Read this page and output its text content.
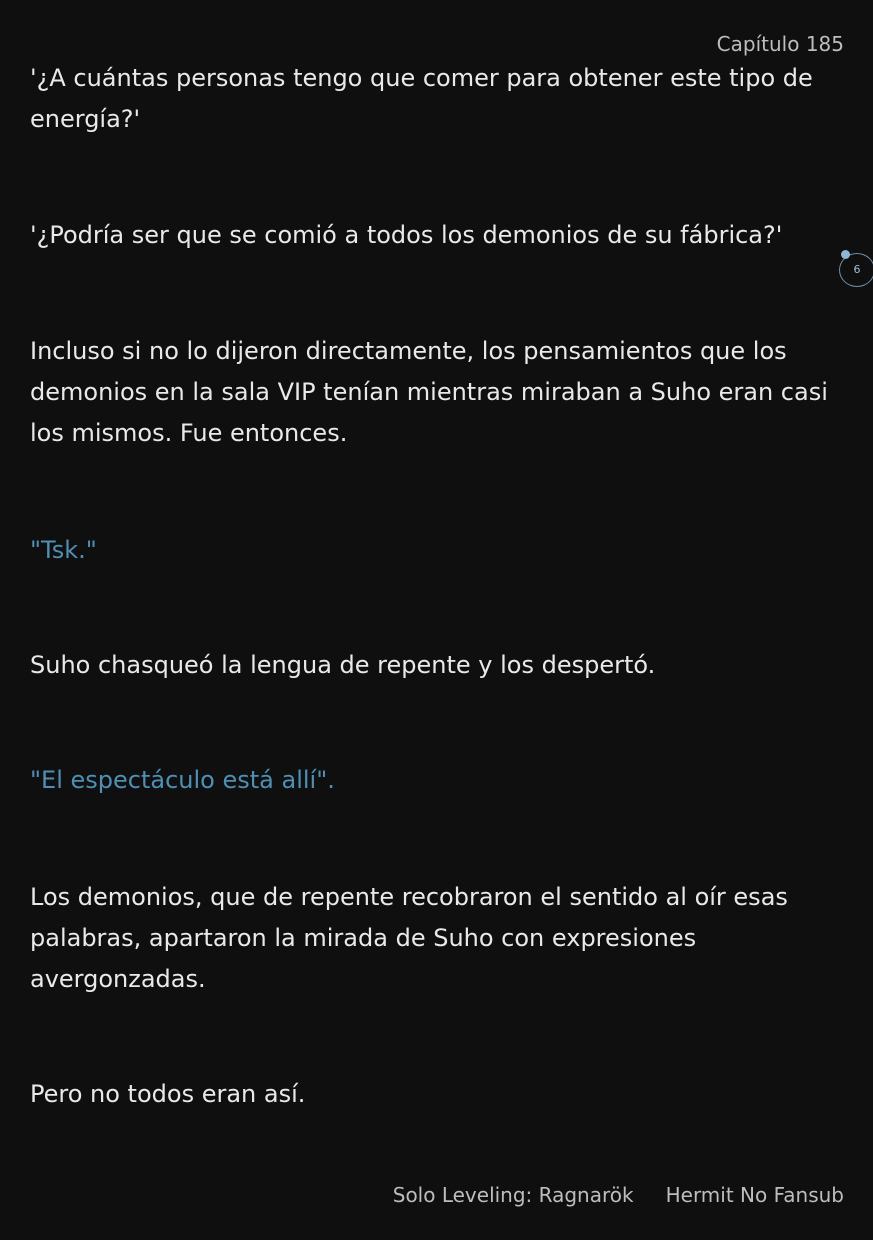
Capítulo 185

'¿A cuántas personas tengo que comer para obtener este tipo de energía?'

'¿Podría ser que se comió a todos los demonios de su fábrica?'

Incluso si no lo dijeron directamente, los pensamientos que los demonios en la sala VIP tenían mientras miraban a Suho eran casi los mismos. Fue entonces.

"Tsk."

Suho chasqueó la lengua de repente y los despertó.

"El espectáculo está allí".

Los demonios, que de repente recobraron el sentido al oír esas palabras, apartaron la mirada de Suho con expresiones avergonzadas.

Pero no todos eran así.

6
Solo Leveling: Ragnarök Hermit No Fansub
